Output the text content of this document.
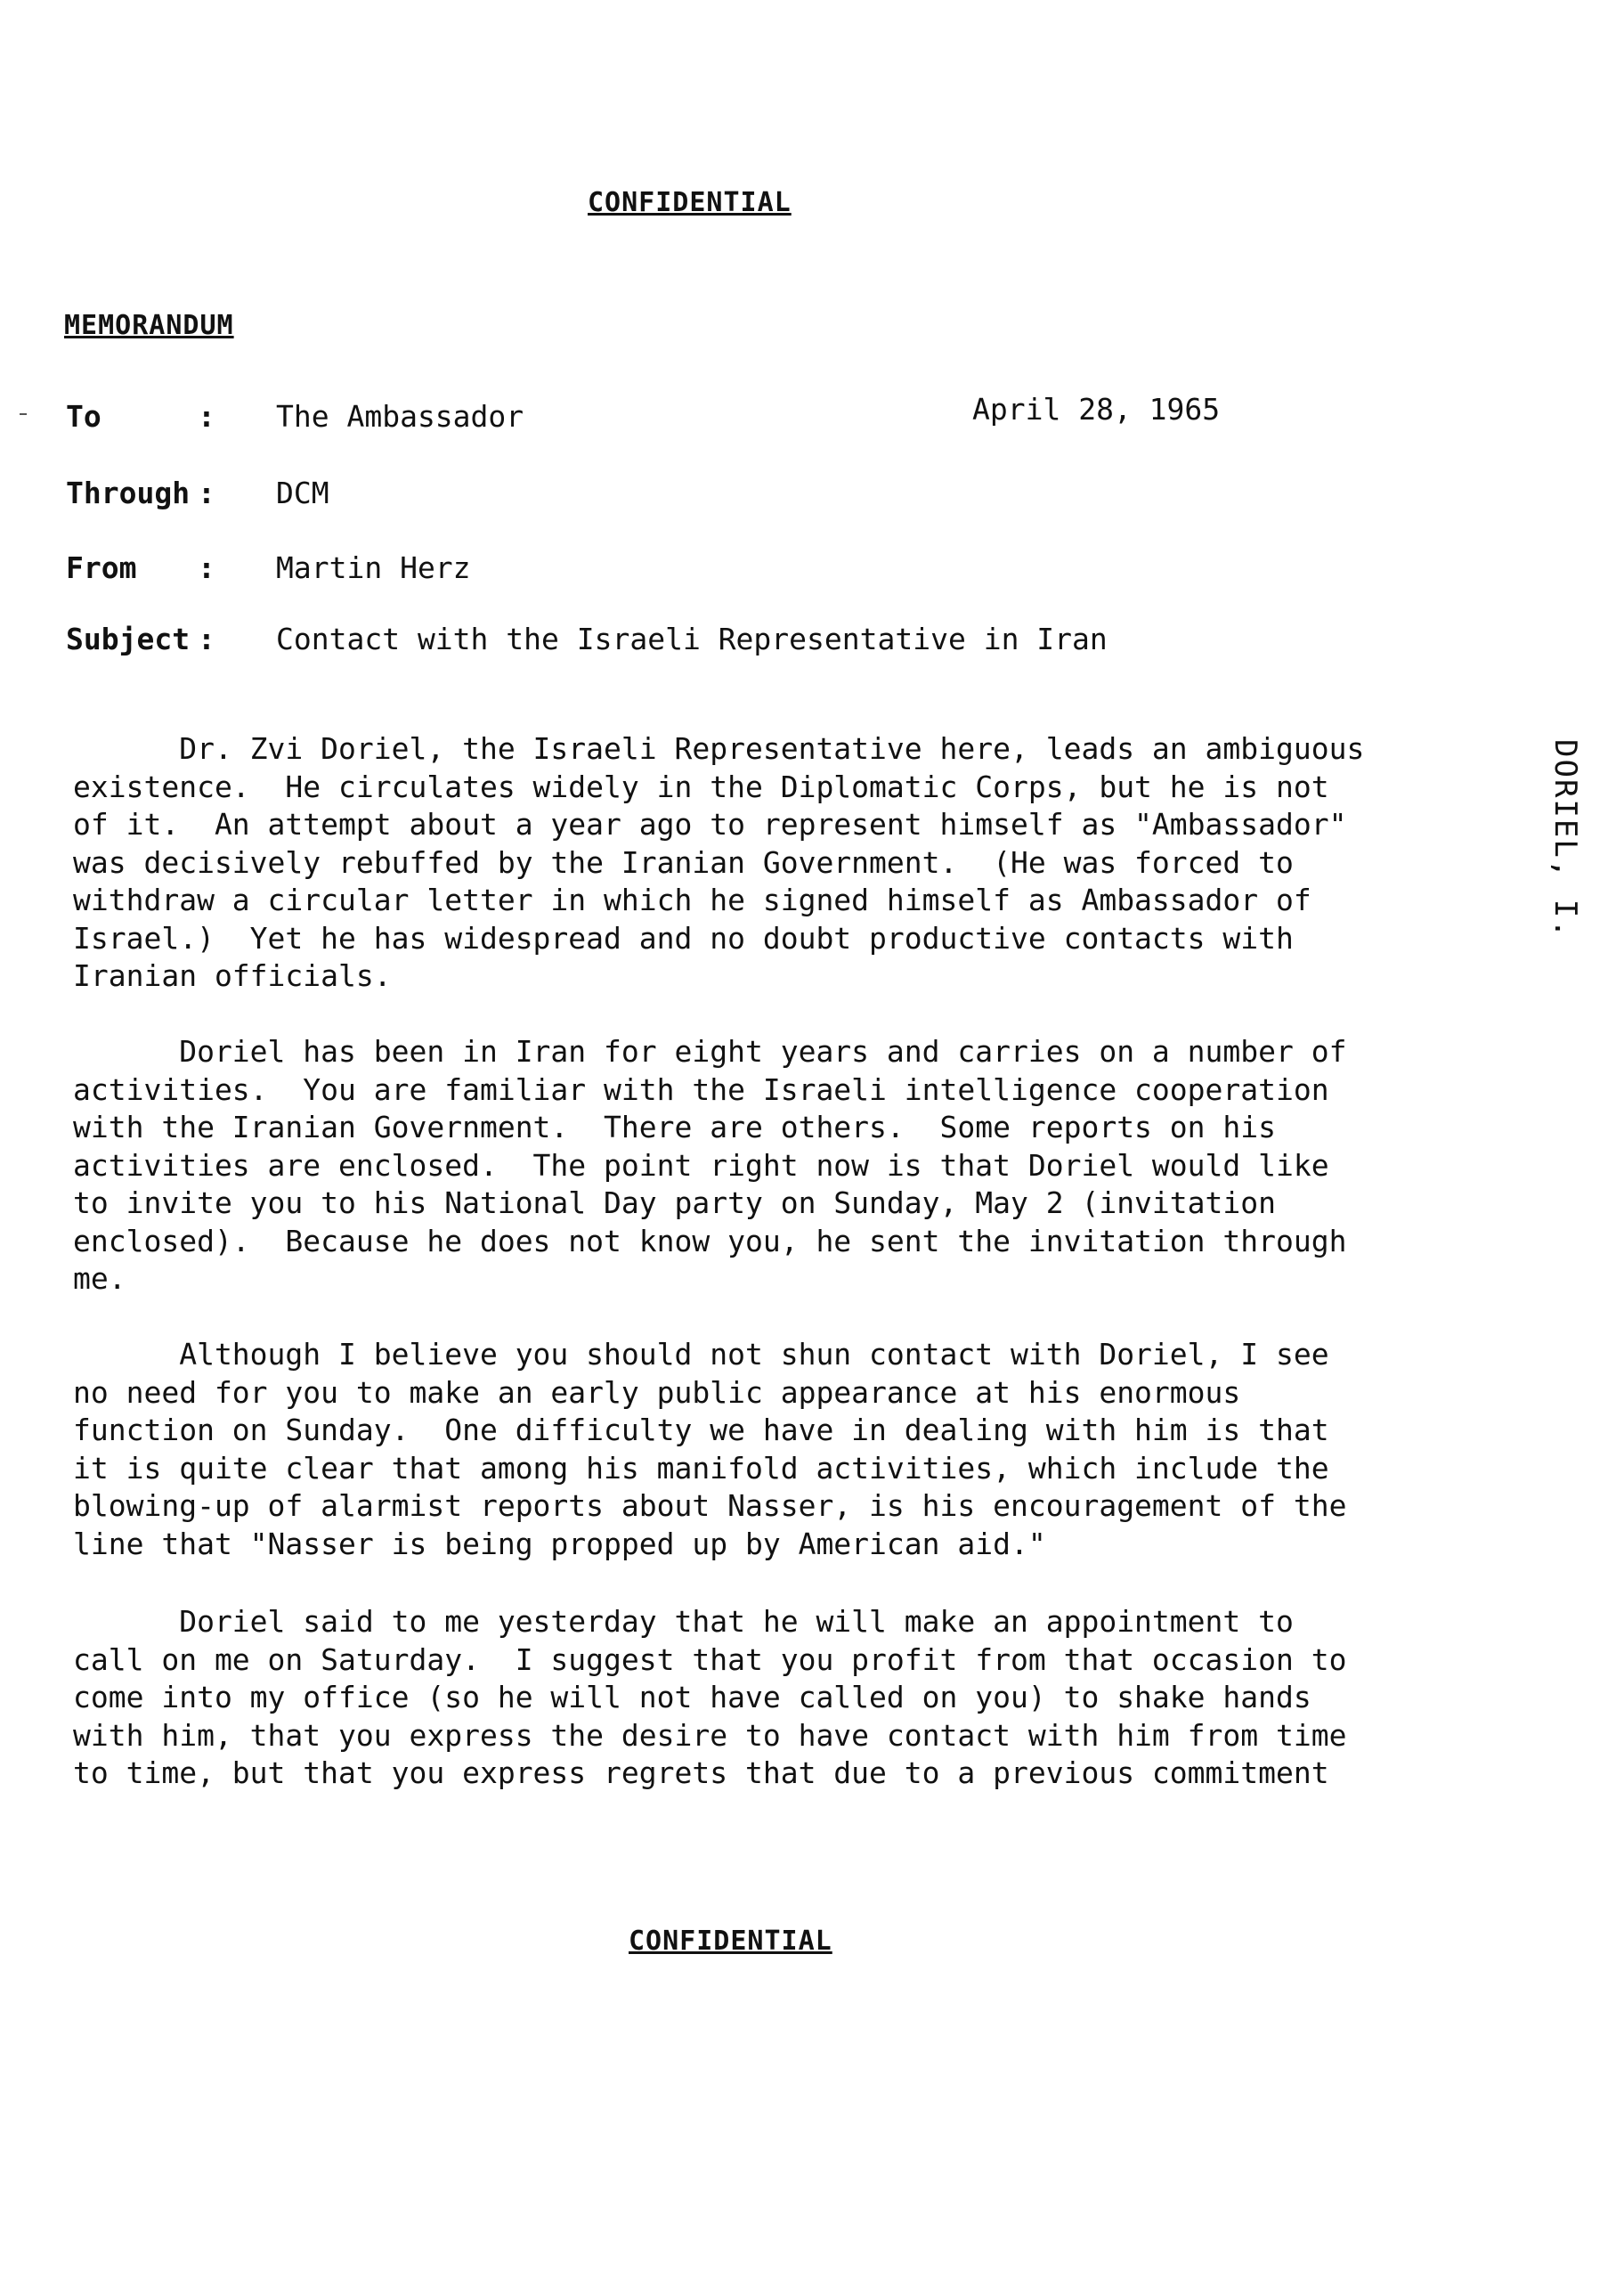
CONFIDENTIAL
MEMORANDUM
April 28, 1965
To	: The Ambassador
Through : DCM
From : Martin Herz
Subject : Contact with the Israeli Representative in Iran
Dr. Zvi Doriel, the Israeli Representative here, leads an ambiguous
existence.  He circulates widely in the Diplomatic Corps, but he is not
of it.  An attempt about a year ago to represent himself as "Ambassador"
was decisively rebuffed by the Iranian Government.  (He was forced to
withdraw a circular letter in which he signed himself as Ambassador of
Israel.)  Yet he has widespread and no doubt productive contacts with
Iranian officials.
Doriel has been in Iran for eight years and carries on a number of
activities.  You are familiar with the Israeli intelligence cooperation
with the Iranian Government.  There are others.  Some reports on his
activities are enclosed.  The point right now is that Doriel would like
to invite you to his National Day party on Sunday, May 2 (invitation
enclosed).  Because he does not know you, he sent the invitation through
me.
Although I believe you should not shun contact with Doriel, I see
no need for you to make an early public appearance at his enormous
function on Sunday.  One difficulty we have in dealing with him is that
it is quite clear that among his manifold activities, which include the
blowing-up of alarmist reports about Nasser, is his encouragement of the
line that "Nasser is being propped up by American aid."
Doriel said to me yesterday that he will make an appointment to
call on me on Saturday.  I suggest that you profit from that occasion to
come into my office (so he will not have called on you) to shake hands
with him, that you express the desire to have contact with him from time
to time, but that you express regrets that due to a previous commitment
DORIEL, I.
CONFIDENTIAL
